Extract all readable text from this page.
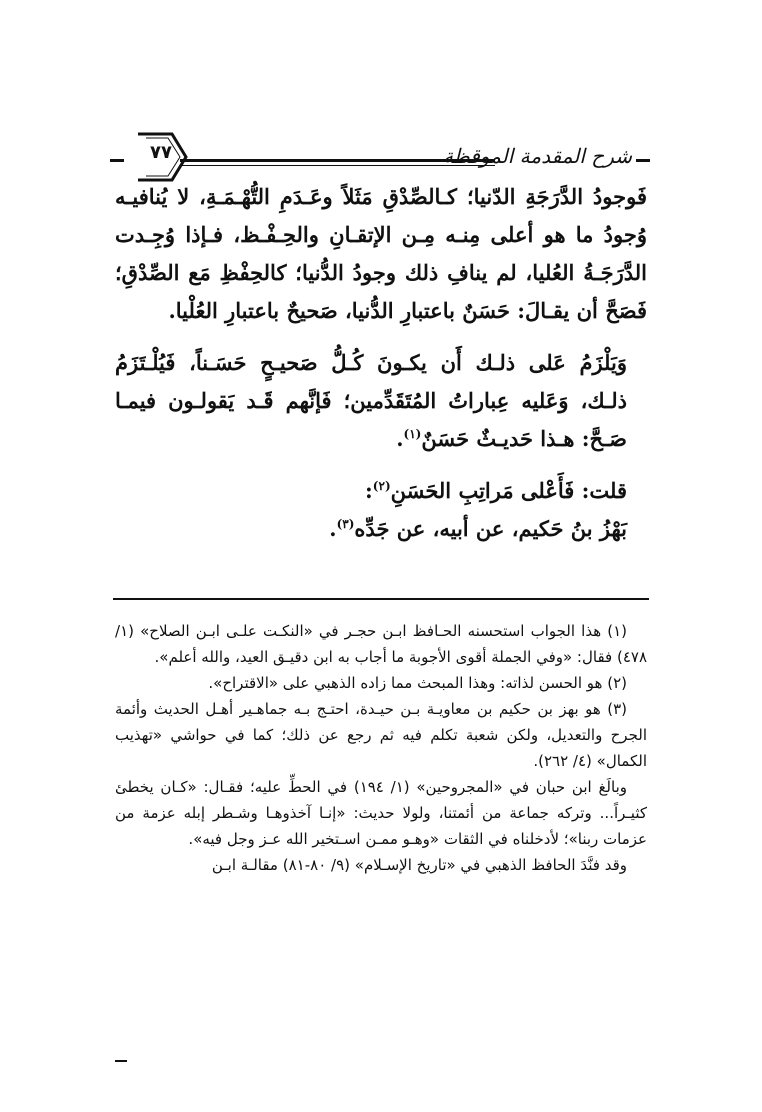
شرح المقدمة الموقظة
٧٧

فَوجودُ الدَّرَجَةِ الدّنيا؛ كـالصِّدْقِ مَثَلاً وعَـدَمِ التُّهْـمَـةِ، لا يُنافيـه وُجودُ ما هو أعلى مِنـه مِـن الإتقـانِ والحِـفْـظ، فـإذا وُجِـدت الدَّرَجَـةُ العُليا، لم ينافِ ذلك وجودُ الدُّنيا؛ كالحِفْظِ مَع الصِّدْقِ؛ فَصَحَّ أن يقـالَ: حَسَنٌ باعتبارِ الدُّنيا، صَحيحٌ باعتبارِ العُلْيا.

وَيَلْزَمُ عَلى ذلـك أَن يكـونَ كُـلُّ صَحيـحٍ حَسَـناً، فَيُلْـتَزَمُ ذلـك، وَعَليه عِباراتُ المُتَقَدِّمين؛ فَإنَّهم قَـد يَقولـون فيمـا صَـحَّ: هـذا حَديـثٌ حَسَنٌ$^{(١)}$.

قلت: فَأَعْلى مَراتِبِ الحَسَنِ$^{(٢)}$:

بَهْزُ بنُ حَكيم، عن أبيه، عن جَدِّه$^{(٣)}$.

(١) هذا الجواب استحسنه الحـافظ ابـن حجـر في «النكـت علـى ابـن الصلاح» (١/ ٤٧٨) فقال: «وفي الجملة أقوى الأجوبة ما أجاب به ابن دقيـق العيد، والله أعلم».

(٢) هو الحسن لذاته: وهذا المبحث مما زاده الذهبي على «الاقتراح».

(٣) هو بهز بن حكيم بن معاويـة بـن حيـدة، احتـج بـه جماهـير أهـل الحديث وأئمة الجرح والتعديل، ولكن شعبة تكلم فيه ثم رجع عن ذلك؛ كما في حواشي «تهذيب الكمال» (٤/ ٢٦٢).

وبالَغ ابن حبان في «المجروحين» (١/ ١٩٤) في الحطِّ عليه؛ فقـال: «كـان يخطئ كثيـراً... وتركه جماعة من أئمتنا، ولولا حديث: «إنـا آخذوهـا وشـطر إبله عزمة من عزمات ربنا»؛ لأدخلناه في الثقات «وهـو ممـن اسـتخير الله عـز وجل فيه».

وقد فنَّدَ الحافظ الذهبي في «تاريخ الإسـلام» (٩/ ٨٠-٨١) مقالـة ابـن
